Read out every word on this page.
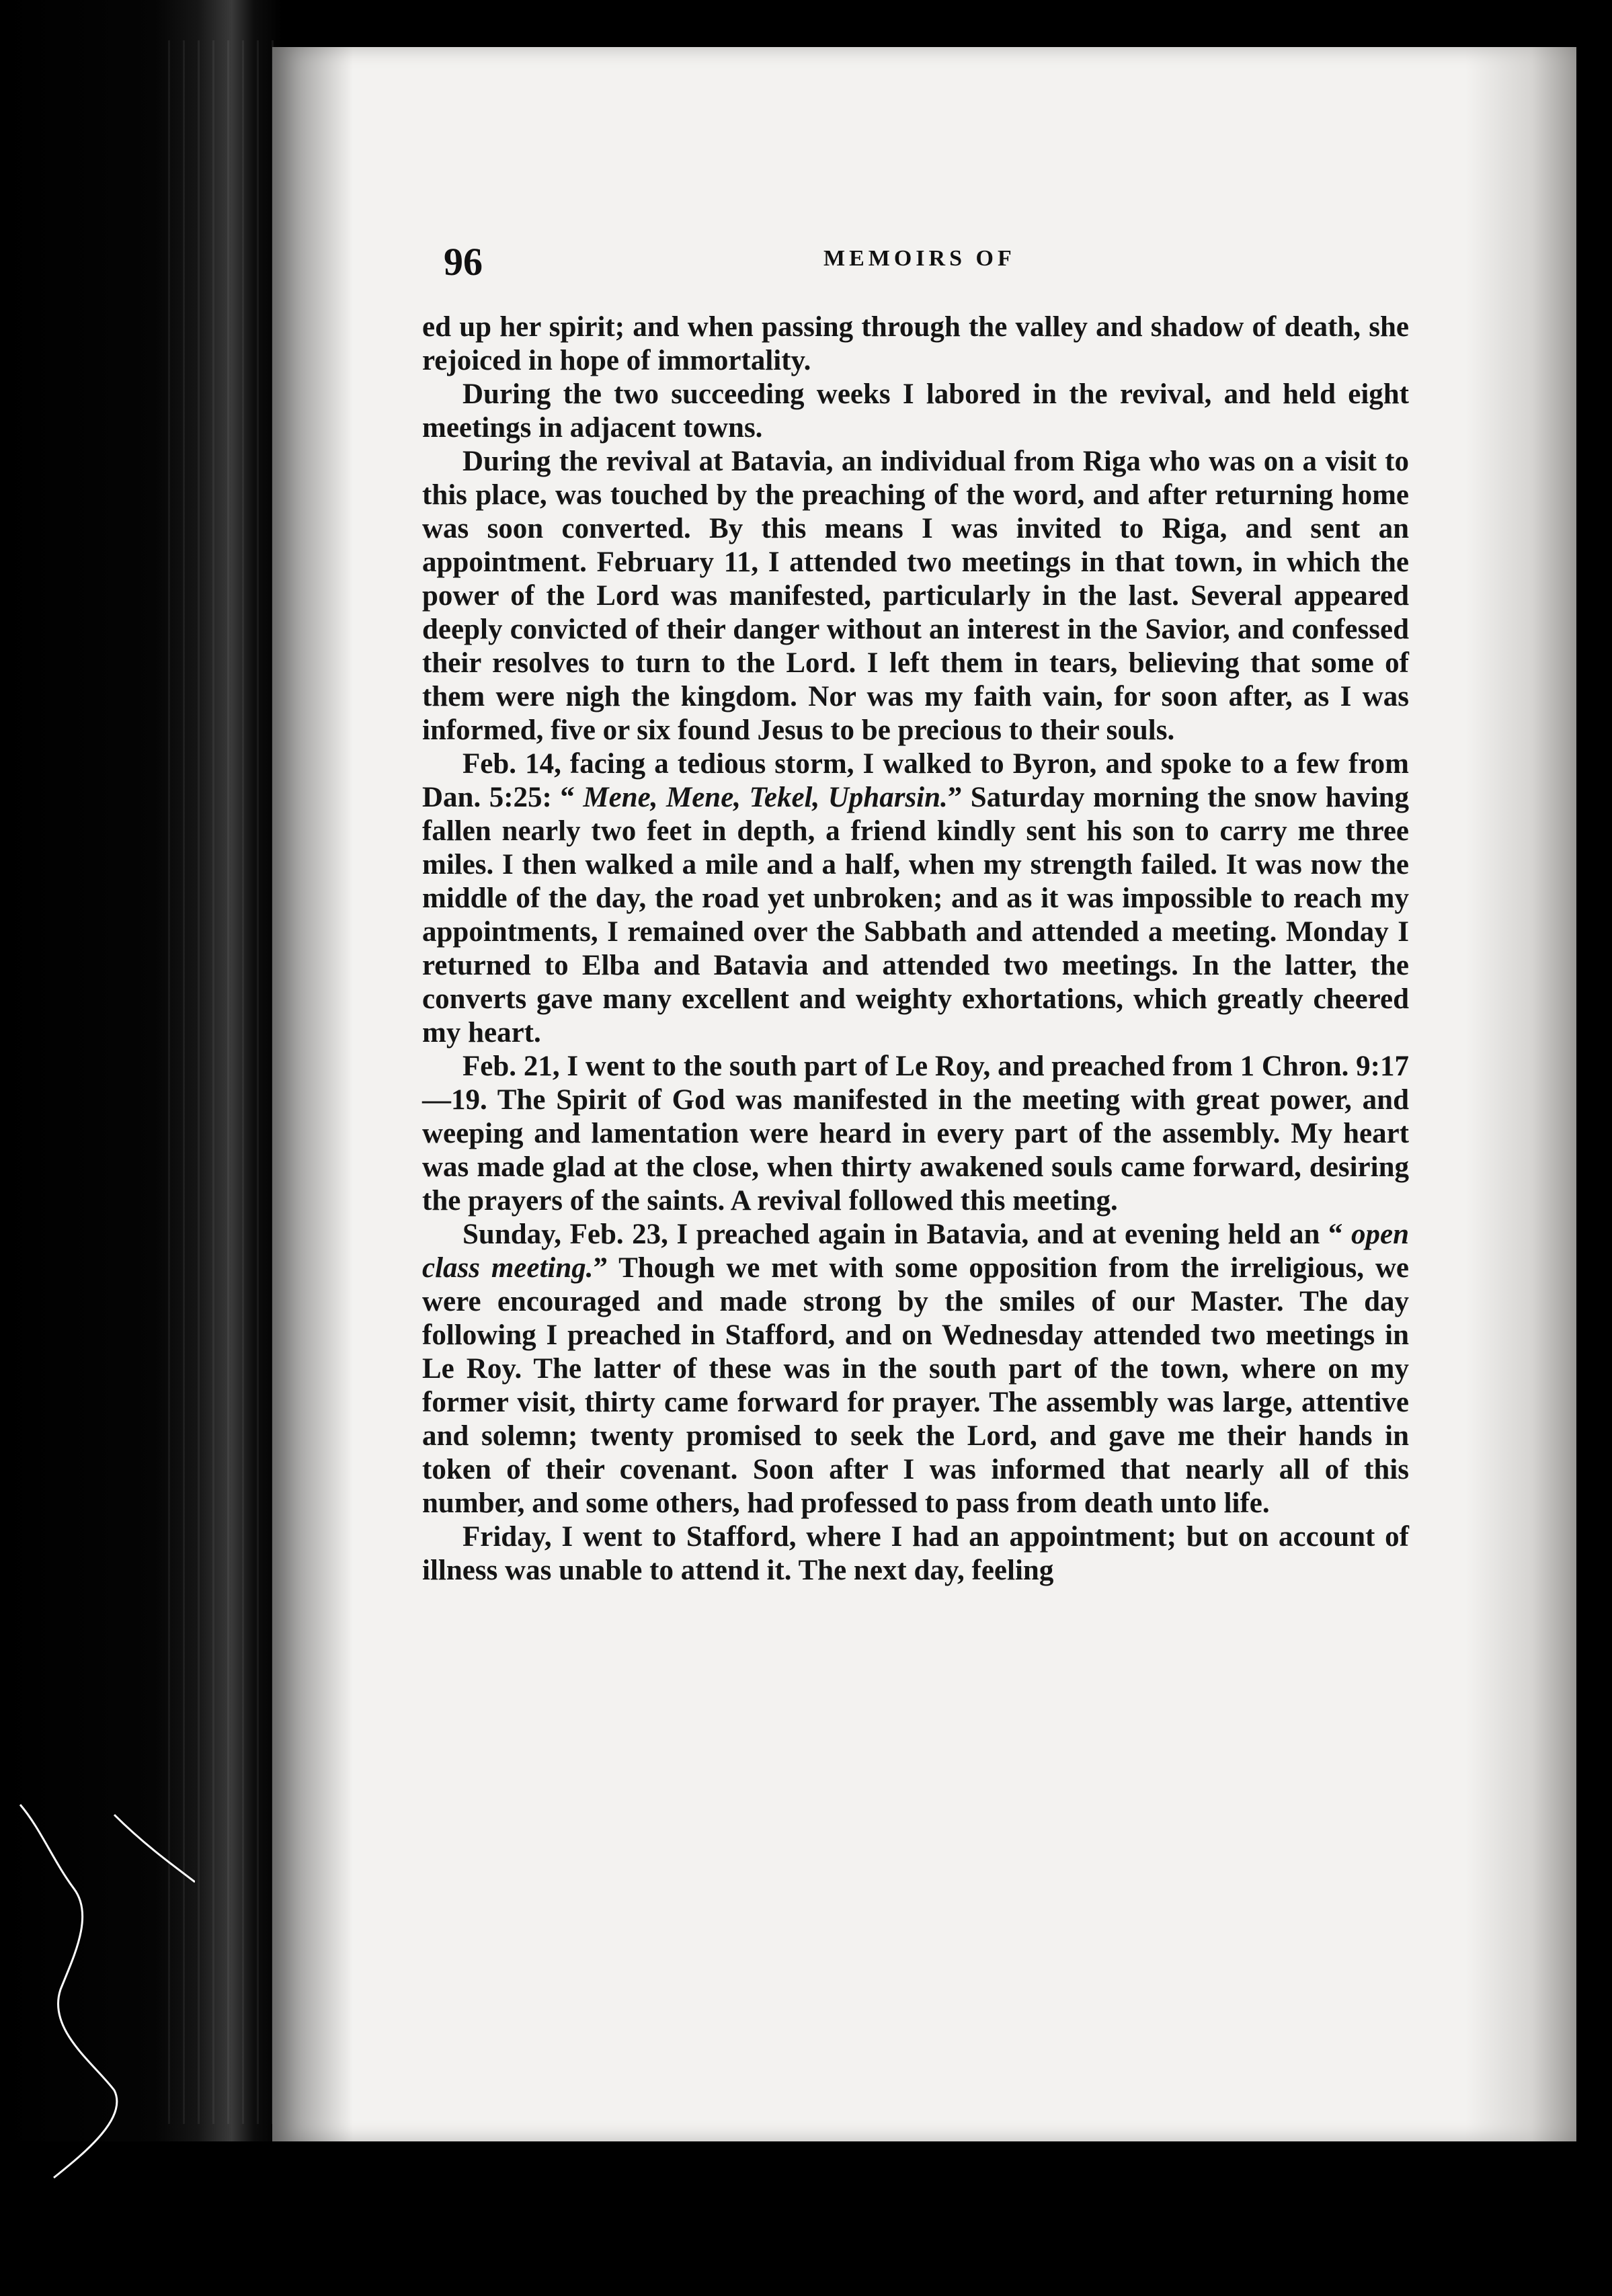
96	MEMOIRS OF

ed up her spirit; and when passing through the valley and shadow of death, she rejoiced in hope of immortality.

During the two succeeding weeks I labored in the revival, and held eight meetings in adjacent towns.

During the revival at Batavia, an individual from Riga who was on a visit to this place, was touched by the preaching of the word, and after returning home was soon converted. By this means I was invited to Riga, and sent an appointment. February 11, I attended two meetings in that town, in which the power of the Lord was manifested, particularly in the last. Several appeared deeply convicted of their danger without an interest in the Savior, and confessed their resolves to turn to the Lord. I left them in tears, believing that some of them were nigh the kingdom. Nor was my faith vain, for soon after, as I was informed, five or six found Jesus to be precious to their souls.

Feb. 14, facing a tedious storm, I walked to Byron, and spoke to a few from Dan. 5:25: “ Mene, Mene, Tekel, Upharsin.” Saturday morning the snow having fallen nearly two feet in depth, a friend kindly sent his son to carry me three miles. I then walked a mile and a half, when my strength failed. It was now the middle of the day, the road yet unbroken; and as it was impossible to reach my appointments, I remained over the Sabbath and attended a meeting. Monday I returned to Elba and Batavia and attended two meetings. In the latter, the converts gave many excellent and weighty exhortations, which greatly cheered my heart.

Feb. 21, I went to the south part of Le Roy, and preached from 1 Chron. 9:17—19. The Spirit of God was manifested in the meeting with great power, and weeping and lamentation were heard in every part of the assembly. My heart was made glad at the close, when thirty awakened souls came forward, desiring the prayers of the saints. A revival followed this meeting.

Sunday, Feb. 23, I preached again in Batavia, and at evening held an “ open class meeting.” Though we met with some opposition from the irreligious, we were encouraged and made strong by the smiles of our Master. The day following I preached in Stafford, and on Wednesday attended two meetings in Le Roy. The latter of these was in the south part of the town, where on my former visit, thirty came forward for prayer. The assembly was large, attentive and solemn; twenty promised to seek the Lord, and gave me their hands in token of their covenant. Soon after I was informed that nearly all of this number, and some others, had professed to pass from death unto life.

Friday, I went to Stafford, where I had an appointment; but on account of illness was unable to attend it. The next day, feeling
